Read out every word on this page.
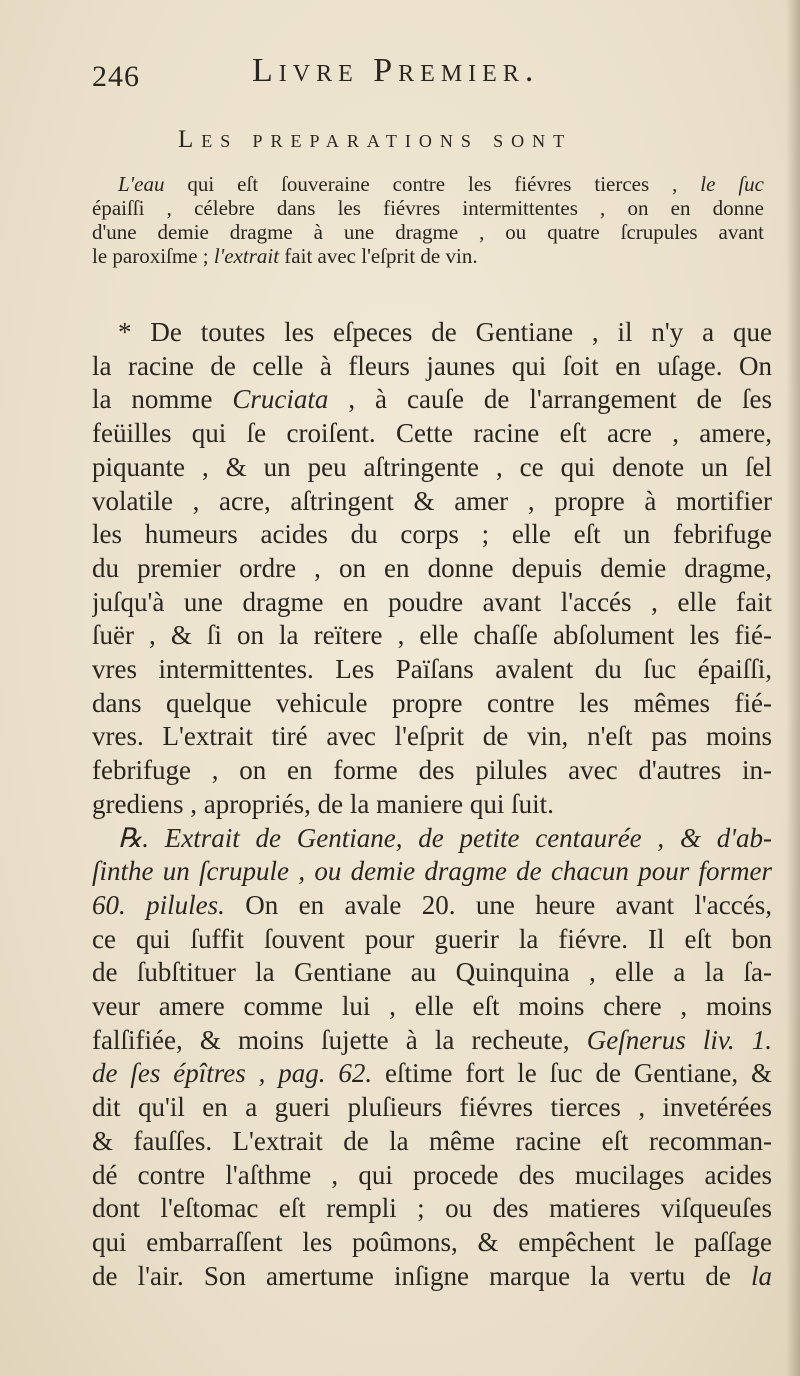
246	Livre Premier.
Les preparations sont
L'eau qui eſt ſouveraine contre les fiévres tierces , le ſuc
épaiſſi , célebre dans les fiévres intermittentes , on en donne
d'une demie dragme à une dragme , ou quatre ſcrupules avant
le paroxiſme ; l'extrait fait avec l'eſprit de vin.
* De toutes les eſpeces de Gentiane , il n'y a que
la racine de celle à fleurs jaunes qui ſoit en uſage. On
la nomme Cruciata , à cauſe de l'arrangement de ſes
feüilles qui ſe croiſent. Cette racine eſt acre , amere,
piquante , & un peu aſtringente , ce qui denote un ſel
volatile , acre, aſtringent & amer , propre à mortifier
les humeurs acides du corps ; elle eſt un febrifuge
du premier ordre , on en donne depuis demie dragme,
juſqu'à une dragme en poudre avant l'accés , elle fait
ſuër , & ſi on la reïtere , elle chaſſe abſolument les fié-
vres intermittentes. Les Païſans avalent du ſuc épaiſſi,
dans quelque vehicule propre contre les mêmes fié-
vres. L'extrait tiré avec l'eſprit de vin, n'eſt pas moins
febrifuge , on en forme des pilules avec d'autres in-
grediens , apropriés, de la maniere qui ſuit.
℞. Extrait de Gentiane, de petite centaurée , & d'ab-
ſinthe un ſcrupule , ou demie dragme de chacun pour former
60. pilules. On en avale 20. une heure avant l'accés,
ce qui ſuffit ſouvent pour guerir la fiévre. Il eſt bon
de ſubſtituer la Gentiane au Quinquina , elle a la ſa-
veur amere comme lui , elle eſt moins chere , moins
falſifiée, & moins ſujette à la recheute, Geſnerus liv. 1.
de ſes épîtres , pag. 62. eſtime fort le ſuc de Gentiane, &
dit qu'il en a gueri pluſieurs fiévres tierces , invetérées
& fauſſes. L'extrait de la même racine eſt recomman-
dé contre l'aſthme , qui procede des mucilages acides
dont l'eſtomac eſt rempli ; ou des matieres viſqueuſes
qui embarraſſent les poûmons, & empêchent le paſſage
de l'air. Son amertume inſigne marque la vertu de la
